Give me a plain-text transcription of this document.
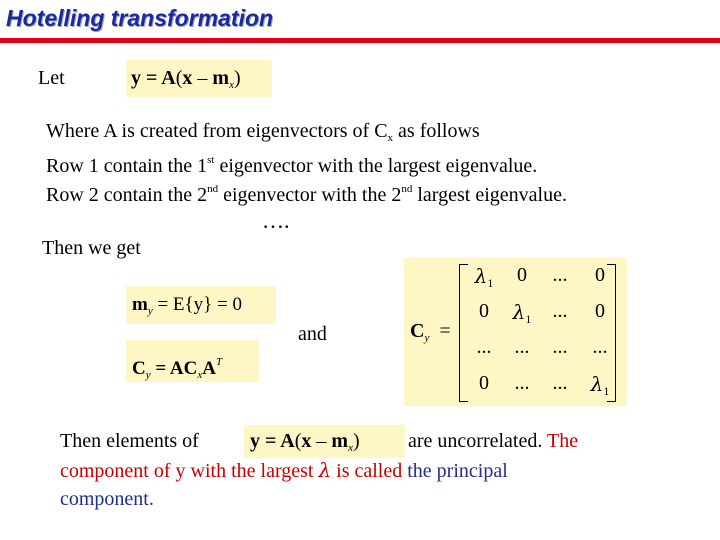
Hotelling transformation
Let	$y = A(x - m_x)$
Where A is created from eigenvectors of $C_x$ as follows
Row 1 contain the 1st eigenvector with the largest eigenvalue.
Row 2 contain the 2nd eigenvector with the 2nd largest eigenvalue.
….
Then we get
$m_y = E\{y\} = 0$
$C_y = AC_xA^T$
and
$\lambda_1$	0	...	0
0	$\lambda_1$	...	0
...	...	...	...
0	...	...	$\lambda_1$
$C_y$ =
Then elements of	$y = A(x - m_x)$	are uncorrelated. The
component of y with the largest λ is called the principal
component.
